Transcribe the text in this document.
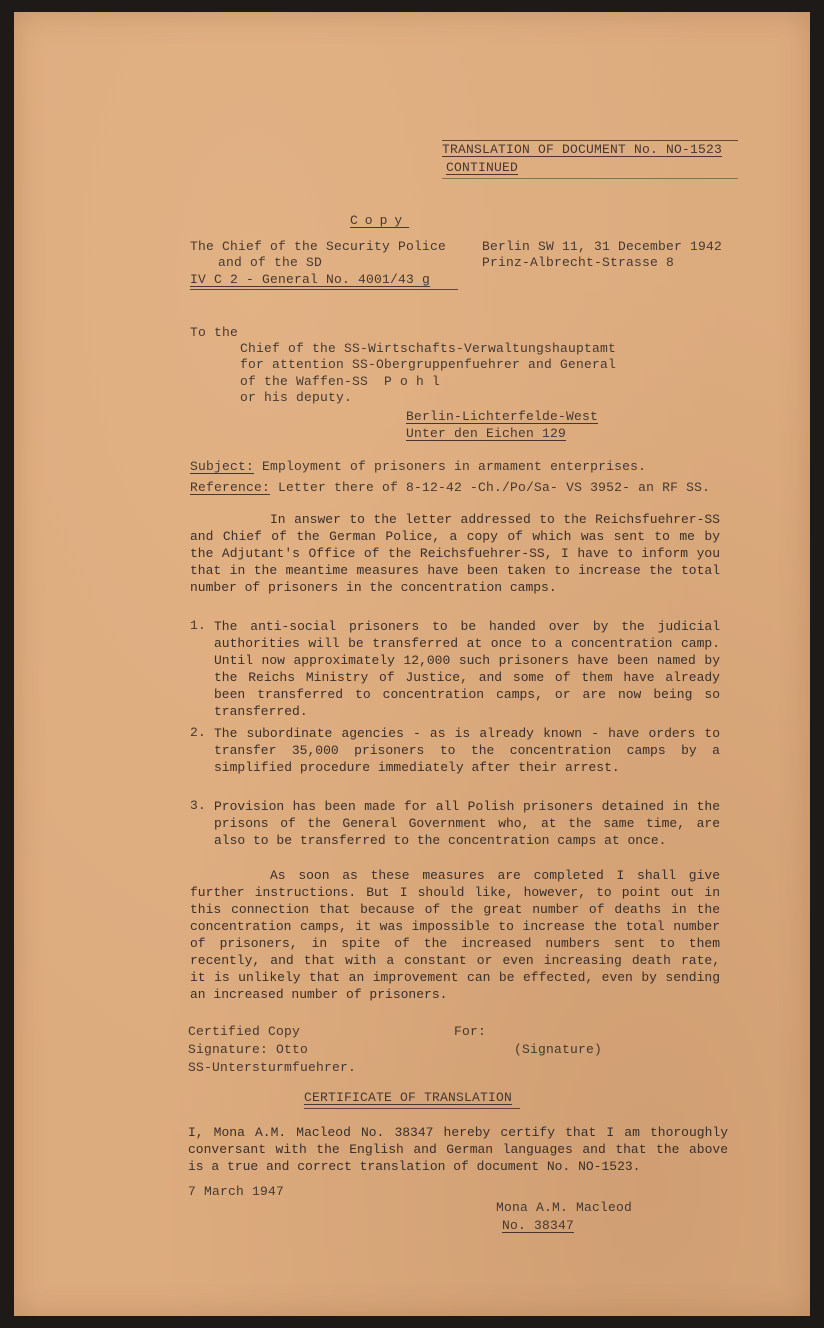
TRANSLATION OF DOCUMENT No. NO-1523
CONTINUED
Copy
The Chief of the Security Police
and of the SD
IV C 2 - General No. 4001/43 g
Berlin SW 11, 31 December 1942
Prinz-Albrecht-Strasse 8
To the
Chief of the SS-Wirtschafts-Verwaltungshauptamt
for attention SS-Obergruppenfuehrer and General
of the Waffen-SS  P o h l
or his deputy.
Berlin-Lichterfelde-West
Unter den Eichen 129
Subject: Employment of prisoners in armament enterprises.
Reference: Letter there of 8-12-42 -Ch./Po/Sa- VS 3952- an RF SS.
In answer to the letter addressed to the Reichsfuehrer-SS and Chief of the German Police, a copy of which was sent to me by the Adjutant's Office of the Reichsfuehrer-SS, I have to inform you that in the meantime measures have been taken to increase the total number of prisoners in the concentration camps.
1. The anti-social prisoners to be handed over by the judicial authorities will be transferred at once to a concentration camp. Until now approximately 12,000 such prisoners have been named by the Reichs Ministry of Justice, and some of them have already been transferred to concentration camps, or are now being so transferred.
2. The subordinate agencies - as is already known - have orders to transfer 35,000 prisoners to the concentration camps by a simplified procedure immediately after their arrest.
3. Provision has been made for all Polish prisoners detained in the prisons of the General Government who, at the same time, are also to be transferred to the concentration camps at once.
As soon as these measures are completed I shall give further instructions. But I should like, however, to point out in this connection that because of the great number of deaths in the concentration camps, it was impossible to increase the total number of prisoners, in spite of the increased numbers sent to them recently, and that with a constant or even increasing death rate, it is unlikely that an improvement can be effected, even by sending an increased number of prisoners.
Certified Copy
Signature: Otto
SS-Untersturmfuehrer.
For:
(Signature)
CERTIFICATE OF TRANSLATION
I, Mona A.M. Macleod No. 38347 hereby certify that I am thoroughly conversant with the English and German languages and that the above is a true and correct translation of document No. NO-1523.
7 March 1947
Mona A.M. Macleod
No. 38347
